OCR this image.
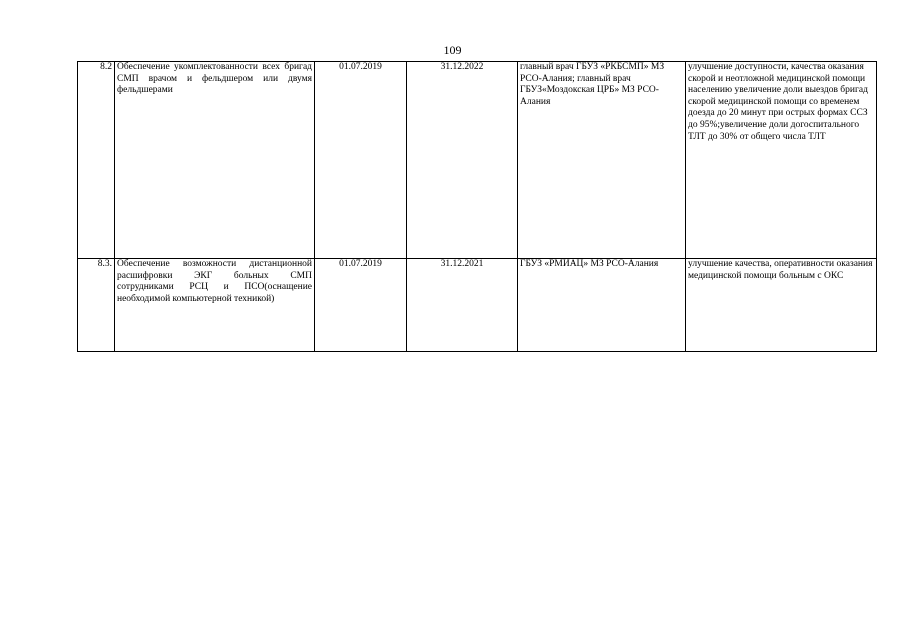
109
8.2	Обеспечение укомплектованности всех бригад СМП врачом и фельдшером или двумя фельдшерами	01.07.2019	31.12.2022	главный врач ГБУЗ «РКБСМП» МЗ РСО-Алания; главный врач ГБУЗ«Моздокская ЦРБ» МЗ РСО- Алания	улучшение доступности, качества оказания скорой и неотложной медицинской помощи населению увеличение доли выездов бригад скорой медицинской помощи со временем доезда до 20 минут при острых формах ССЗ до 95%;увеличение доли догоспитального ТЛТ до 30% от общего числа ТЛТ
8.3.	Обеспечение возможности дистанционной расшифровки ЭКГ больных СМП сотрудниками РСЦ и ПСО(оснащение необходимой компьютерной техникой)	01.07.2019	31.12.2021	ГБУЗ «РМИАЦ» МЗ РСО-Алания	улучшение качества, оперативности оказания медицинской помощи больным с ОКС
